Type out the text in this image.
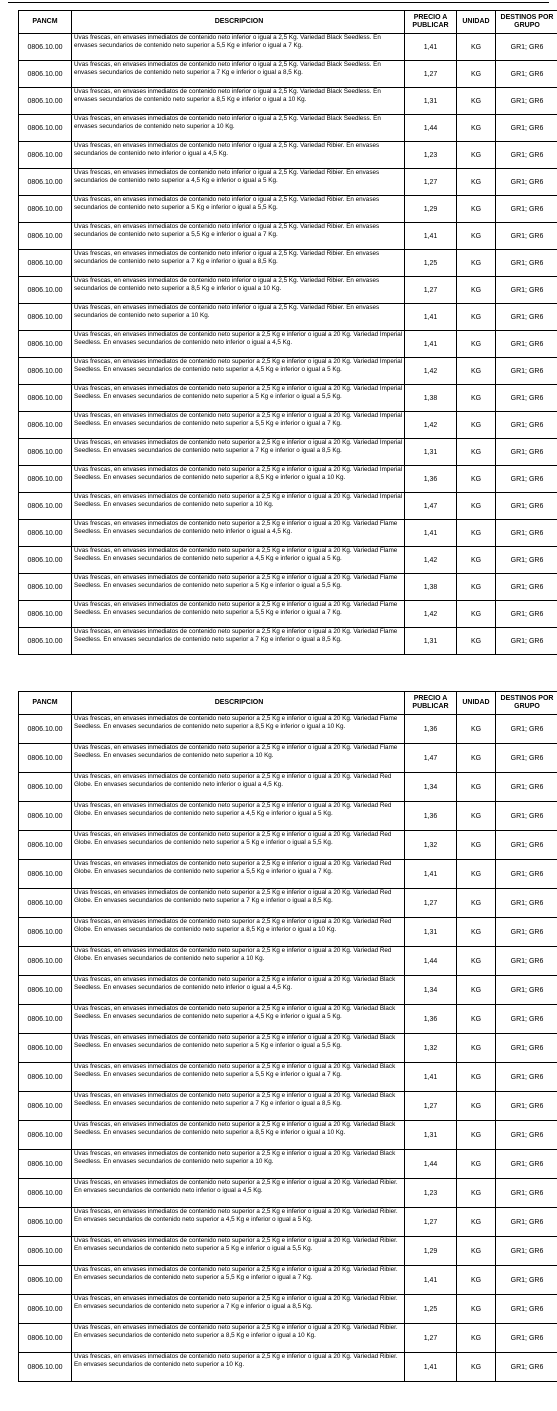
PANCM	DESCRIPCION	PRECIO A PUBLICAR	UNIDAD	DESTINOS POR GRUPO
0806.10.00	Uvas frescas, en envases inmediatos de contenido neto inferior o igual a 2,5 Kg. Variedad Black Seedless. En envases secundarios de contenido neto superior a 5,5 Kg e inferior o igual a 7 Kg.	1,41	KG	GR1; GR6
0806.10.00	Uvas frescas, en envases inmediatos de contenido neto inferior o igual a 2,5 Kg. Variedad Black Seedless. En envases secundarios de contenido neto superior a 7 Kg e inferior o igual a 8,5 Kg.	1,27	KG	GR1; GR6
0806.10.00	Uvas frescas, en envases inmediatos de contenido neto inferior o igual a 2,5 Kg. Variedad Black Seedless. En envases secundarios de contenido neto superior a 8,5 Kg e inferior o igual a 10 Kg.	1,31	KG	GR1; GR6
0806.10.00	Uvas frescas, en envases inmediatos de contenido neto inferior o igual a 2,5 Kg. Variedad Black Seedless. En envases secundarios de contenido neto superior a 10 Kg.	1,44	KG	GR1; GR6
0806.10.00	Uvas frescas, en envases inmediatos de contenido neto inferior o igual a 2,5 Kg. Variedad Ribier. En envases secundarios de contenido neto inferior o igual a 4,5 Kg.	1,23	KG	GR1; GR6
0806.10.00	Uvas frescas, en envases inmediatos de contenido neto inferior o igual a 2,5 Kg. Variedad Ribier. En envases secundarios de contenido neto superior a 4,5 Kg e inferior o igual a 5 Kg.	1,27	KG	GR1; GR6
0806.10.00	Uvas frescas, en envases inmediatos de contenido neto inferior o igual a 2,5 Kg. Variedad Ribier. En envases secundarios de contenido neto superior a 5 Kg e inferior o igual a 5,5 Kg.	1,29	KG	GR1; GR6
0806.10.00	Uvas frescas, en envases inmediatos de contenido neto inferior o igual a 2,5 Kg. Variedad Ribier. En envases secundarios de contenido neto superior a 5,5 Kg e inferior o igual a 7 Kg.	1,41	KG	GR1; GR6
0806.10.00	Uvas frescas, en envases inmediatos de contenido neto inferior o igual a 2,5 Kg. Variedad Ribier. En envases secundarios de contenido neto superior a 7 Kg e inferior o igual a 8,5 Kg.	1,25	KG	GR1; GR6
0806.10.00	Uvas frescas, en envases inmediatos de contenido neto inferior o igual a 2,5 Kg. Variedad Ribier. En envases secundarios de contenido neto superior a 8,5 Kg e inferior o igual a 10 Kg.	1,27	KG	GR1; GR6
0806.10.00	Uvas frescas, en envases inmediatos de contenido neto inferior o igual a 2,5 Kg. Variedad Ribier. En envases secundarios de contenido neto superior a 10 Kg.	1,41	KG	GR1; GR6
0806.10.00	Uvas frescas, en envases inmediatos de contenido neto superior a 2,5 Kg e inferior o igual a 20 Kg. Variedad Imperial Seedless. En envases secundarios de contenido neto inferior o igual a 4,5 Kg.	1,41	KG	GR1; GR6
0806.10.00	Uvas frescas, en envases inmediatos de contenido neto superior a 2,5 Kg e inferior o igual a 20 Kg. Variedad Imperial Seedless. En envases secundarios de contenido neto superior a 4,5 Kg e inferior o igual a 5 Kg.	1,42	KG	GR1; GR6
0806.10.00	Uvas frescas, en envases inmediatos de contenido neto superior a 2,5 Kg e inferior o igual a 20 Kg. Variedad Imperial Seedless. En envases secundarios de contenido neto superior a 5 Kg e inferior o igual a 5,5 Kg.	1,38	KG	GR1; GR6
0806.10.00	Uvas frescas, en envases inmediatos de contenido neto superior a 2,5 Kg e inferior o igual a 20 Kg. Variedad Imperial Seedless. En envases secundarios de contenido neto superior a 5,5 Kg e inferior o igual a 7 Kg.	1,42	KG	GR1; GR6
0806.10.00	Uvas frescas, en envases inmediatos de contenido neto superior a 2,5 Kg e inferior o igual a 20 Kg. Variedad Imperial Seedless. En envases secundarios de contenido neto superior a 7 Kg e inferior o igual a 8,5 Kg.	1,31	KG	GR1; GR6
0806.10.00	Uvas frescas, en envases inmediatos de contenido neto superior a 2,5 Kg e inferior o igual a 20 Kg. Variedad Imperial Seedless. En envases secundarios de contenido neto superior a 8,5 Kg e inferior o igual a 10 Kg.	1,36	KG	GR1; GR6
0806.10.00	Uvas frescas, en envases inmediatos de contenido neto superior a 2,5 Kg e inferior o igual a 20 Kg. Variedad Imperial Seedless. En envases secundarios de contenido neto superior a 10 Kg.	1,47	KG	GR1; GR6
0806.10.00	Uvas frescas, en envases inmediatos de contenido neto superior a 2,5 Kg e inferior o igual a 20 Kg. Variedad Flame Seedless. En envases secundarios de contenido neto inferior o igual a 4,5 Kg.	1,41	KG	GR1; GR6
0806.10.00	Uvas frescas, en envases inmediatos de contenido neto superior a 2,5 Kg e inferior o igual a 20 Kg. Variedad Flame Seedless. En envases secundarios de contenido neto superior a 4,5 Kg e inferior o igual a 5 Kg.	1,42	KG	GR1; GR6
0806.10.00	Uvas frescas, en envases inmediatos de contenido neto superior a 2,5 Kg e inferior o igual a 20 Kg. Variedad Flame Seedless. En envases secundarios de contenido neto superior a 5 Kg e inferior o igual a 5,5 Kg.	1,38	KG	GR1; GR6
0806.10.00	Uvas frescas, en envases inmediatos de contenido neto superior a 2,5 Kg e inferior o igual a 20 Kg. Variedad Flame Seedless. En envases secundarios de contenido neto superior a 5,5 Kg e inferior o igual a 7 Kg.	1,42	KG	GR1; GR6
0806.10.00	Uvas frescas, en envases inmediatos de contenido neto superior a 2,5 Kg e inferior o igual a 20 Kg. Variedad Flame Seedless. En envases secundarios de contenido neto superior a 7 Kg e inferior o igual a 8,5 Kg.	1,31	KG	GR1; GR6
PANCM	DESCRIPCION	PRECIO A PUBLICAR	UNIDAD	DESTINOS POR GRUPO
0806.10.00	Uvas frescas, en envases inmediatos de contenido neto superior a 2,5 Kg e inferior o igual a 20 Kg. Variedad Flame Seedless. En envases secundarios de contenido neto superior a 8,5 Kg e inferior o igual a 10 Kg.	1,36	KG	GR1; GR6
0806.10.00	Uvas frescas, en envases inmediatos de contenido neto superior a 2,5 Kg e inferior o igual a 20 Kg. Variedad Flame Seedless. En envases secundarios de contenido neto superior a 10 Kg.	1,47	KG	GR1; GR6
0806.10.00	Uvas frescas, en envases inmediatos de contenido neto superior a 2,5 Kg e inferior o igual a 20 Kg. Variedad Red Globe. En envases secundarios de contenido neto inferior o igual a 4,5 Kg.	1,34	KG	GR1; GR6
0806.10.00	Uvas frescas, en envases inmediatos de contenido neto superior a 2,5 Kg e inferior o igual a 20 Kg. Variedad Red Globe. En envases secundarios de contenido neto superior a 4,5 Kg e inferior o igual a 5 Kg.	1,36	KG	GR1; GR6
0806.10.00	Uvas frescas, en envases inmediatos de contenido neto superior a 2,5 Kg e inferior o igual a 20 Kg. Variedad Red Globe. En envases secundarios de contenido neto superior a 5 Kg e inferior o igual a 5,5 Kg.	1,32	KG	GR1; GR6
0806.10.00	Uvas frescas, en envases inmediatos de contenido neto superior a 2,5 Kg e inferior o igual a 20 Kg. Variedad Red Globe. En envases secundarios de contenido neto superior a 5,5 Kg e inferior o igual a 7 Kg.	1,41	KG	GR1; GR6
0806.10.00	Uvas frescas, en envases inmediatos de contenido neto superior a 2,5 Kg e inferior o igual a 20 Kg. Variedad Red Globe. En envases secundarios de contenido neto superior a 7 Kg e inferior o igual a 8,5 Kg.	1,27	KG	GR1; GR6
0806.10.00	Uvas frescas, en envases inmediatos de contenido neto superior a 2,5 Kg e inferior o igual a 20 Kg. Variedad Red Globe. En envases secundarios de contenido neto superior a 8,5 Kg e inferior o igual a 10 Kg.	1,31	KG	GR1; GR6
0806.10.00	Uvas frescas, en envases inmediatos de contenido neto superior a 2,5 Kg e inferior o igual a 20 Kg. Variedad Red Globe. En envases secundarios de contenido neto superior a 10 Kg.	1,44	KG	GR1; GR6
0806.10.00	Uvas frescas, en envases inmediatos de contenido neto superior a 2,5 Kg e inferior o igual a 20 Kg. Variedad Black Seedless. En envases secundarios de contenido neto inferior o igual a 4,5 Kg.	1,34	KG	GR1; GR6
0806.10.00	Uvas frescas, en envases inmediatos de contenido neto superior a 2,5 Kg e inferior o igual a 20 Kg. Variedad Black Seedless. En envases secundarios de contenido neto superior a 4,5 Kg e inferior o igual a 5 Kg.	1,36	KG	GR1; GR6
0806.10.00	Uvas frescas, en envases inmediatos de contenido neto superior a 2,5 Kg e inferior o igual a 20 Kg. Variedad Black Seedless. En envases secundarios de contenido neto superior a 5 Kg e inferior o igual a 5,5 Kg.	1,32	KG	GR1; GR6
0806.10.00	Uvas frescas, en envases inmediatos de contenido neto superior a 2,5 Kg e inferior o igual a 20 Kg. Variedad Black Seedless. En envases secundarios de contenido neto superior a 5,5 Kg e inferior o igual a 7 Kg.	1,41	KG	GR1; GR6
0806.10.00	Uvas frescas, en envases inmediatos de contenido neto superior a 2,5 Kg e inferior o igual a 20 Kg. Variedad Black Seedless. En envases secundarios de contenido neto superior a 7 Kg e inferior o igual a 8,5 Kg.	1,27	KG	GR1; GR6
0806.10.00	Uvas frescas, en envases inmediatos de contenido neto superior a 2,5 Kg e inferior o igual a 20 Kg. Variedad Black Seedless. En envases secundarios de contenido neto superior a 8,5 Kg e inferior o igual a 10 Kg.	1,31	KG	GR1; GR6
0806.10.00	Uvas frescas, en envases inmediatos de contenido neto superior a 2,5 Kg e inferior o igual a 20 Kg. Variedad Black Seedless. En envases secundarios de contenido neto superior a 10 Kg.	1,44	KG	GR1; GR6
0806.10.00	Uvas frescas, en envases inmediatos de contenido neto superior a 2,5 Kg e inferior o igual a 20 Kg. Variedad Ribier. En envases secundarios de contenido neto inferior o igual a 4,5 Kg.	1,23	KG	GR1; GR6
0806.10.00	Uvas frescas, en envases inmediatos de contenido neto superior a 2,5 Kg e inferior o igual a 20 Kg. Variedad Ribier. En envases secundarios de contenido neto superior a 4,5 Kg e inferior o igual a 5 Kg.	1,27	KG	GR1; GR6
0806.10.00	Uvas frescas, en envases inmediatos de contenido neto superior a 2,5 Kg e inferior o igual a 20 Kg. Variedad Ribier. En envases secundarios de contenido neto superior a 5 Kg e inferior o igual a 5,5 Kg.	1,29	KG	GR1; GR6
0806.10.00	Uvas frescas, en envases inmediatos de contenido neto superior a 2,5 Kg e inferior o igual a 20 Kg. Variedad Ribier. En envases secundarios de contenido neto superior a 5,5 Kg e inferior o igual a 7 Kg.	1,41	KG	GR1; GR6
0806.10.00	Uvas frescas, en envases inmediatos de contenido neto superior a 2,5 Kg e inferior o igual a 20 Kg. Variedad Ribier. En envases secundarios de contenido neto superior a 7 Kg e inferior o igual a 8,5 Kg.	1,25	KG	GR1; GR6
0806.10.00	Uvas frescas, en envases inmediatos de contenido neto superior a 2,5 Kg e inferior o igual a 20 Kg. Variedad Ribier. En envases secundarios de contenido neto superior a 8,5 Kg e inferior o igual a 10 Kg.	1,27	KG	GR1; GR6
0806.10.00	Uvas frescas, en envases inmediatos de contenido neto superior a 2,5 Kg e inferior o igual a 20 Kg. Variedad Ribier. En envases secundarios de contenido neto superior a 10 Kg.	1,41	KG	GR1; GR6
